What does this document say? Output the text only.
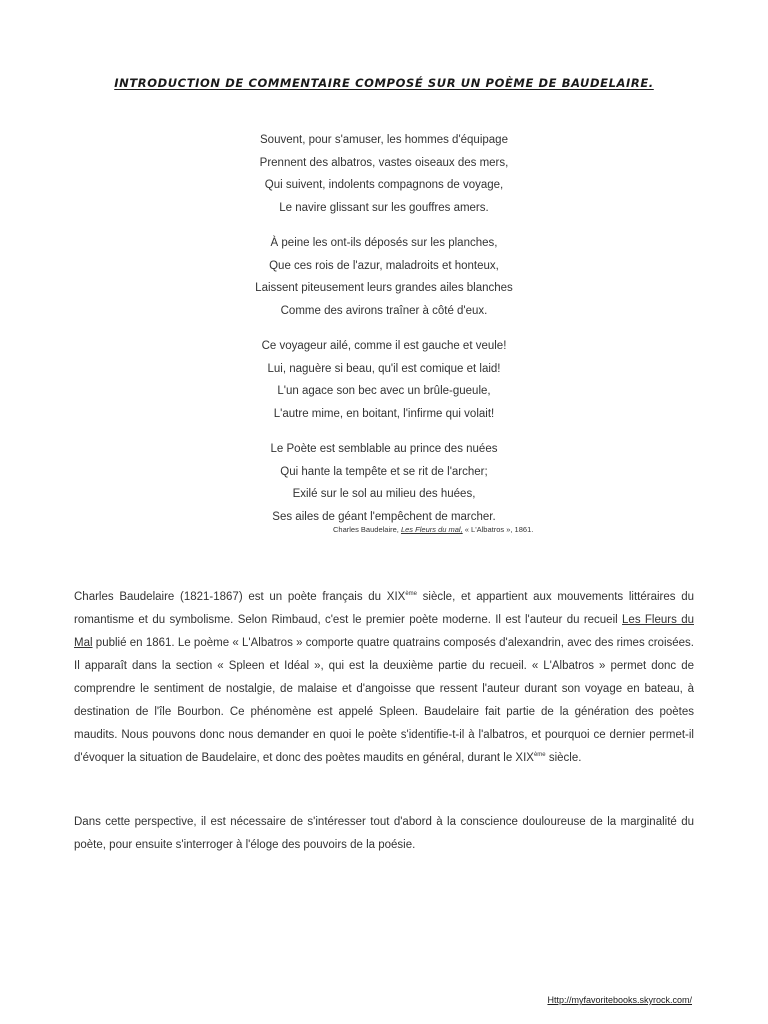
INTRODUCTION DE COMMENTAIRE COMPOSÉ SUR UN POÈME DE BAUDELAIRE.
Souvent, pour s'amuser, les hommes d'équipage
Prennent des albatros, vastes oiseaux des mers,
Qui suivent, indolents compagnons de voyage,
Le navire glissant sur les gouffres amers.
À peine les ont-ils déposés sur les planches,
Que ces rois de l'azur, maladroits et honteux,
Laissent piteusement leurs grandes ailes blanches
Comme des avirons traîner à côté d'eux.
Ce voyageur ailé, comme il est gauche et veule!
Lui, naguère si beau, qu'il est comique et laid!
L'un agace son bec avec un brûle-gueule,
L'autre mime, en boitant, l'infirme qui volait!
Le Poète est semblable au prince des nuées
Qui hante la tempête et se rit de l'archer;
Exilé sur le sol au milieu des huées,
Ses ailes de géant l'empêchent de marcher.
Charles Baudelaire, Les Fleurs du mal, « L'Albatros », 1861.

Charles Baudelaire (1821-1867) est un poète français du XIXème siècle, et appartient aux mouvements littéraires du romantisme et du symbolisme. Selon Rimbaud, c'est le premier poète moderne. Il est l'auteur du recueil Les Fleurs du Mal publié en 1861. Le poème « L'Albatros » comporte quatre quatrains composés d'alexandrin, avec des rimes croisées. Il apparaît dans la section « Spleen et Idéal », qui est la deuxième partie du recueil. « L'Albatros » permet donc de comprendre le sentiment de nostalgie, de malaise et d'angoisse que ressent l'auteur durant son voyage en bateau, à destination de l'île Bourbon. Ce phénomène est appelé Spleen. Baudelaire fait partie de la génération des poètes maudits. Nous pouvons donc nous demander en quoi le poète s'identifie-t-il à l'albatros, et pourquoi ce dernier permet-il d'évoquer la situation de Baudelaire, et donc des poètes maudits en général, durant le XIXème siècle.

Dans cette perspective, il est nécessaire de s'intéresser tout d'abord à la conscience douloureuse de la marginalité du poète, pour ensuite s'interroger à l'éloge des pouvoirs de la poésie.

Http://myfavoritebooks.skyrock.com/
